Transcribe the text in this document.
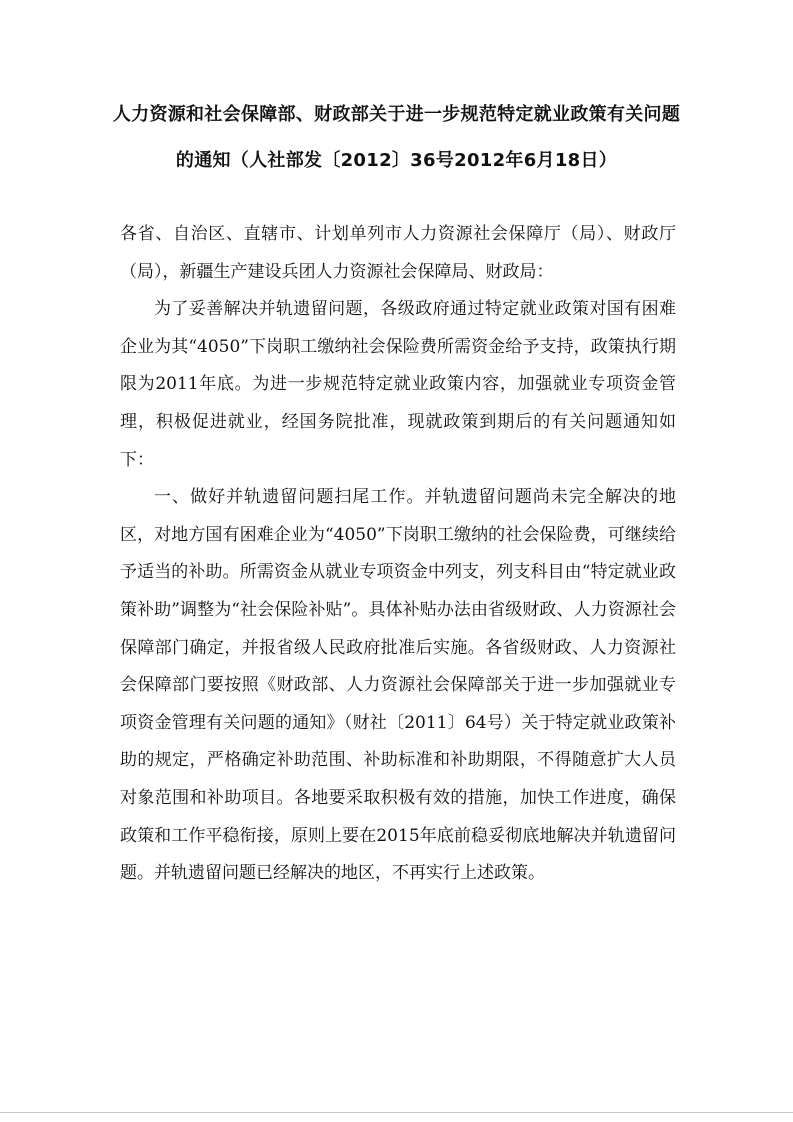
人力资源和社会保障部、财政部关于进一步规范特定就业政策有关问题的通知（人社部发〔2012〕36号2012年6月18日）

各省、自治区、直辖市、计划单列市人力资源社会保障厅（局）、财政厅（局），新疆生产建设兵团人力资源社会保障局、财政局：

为了妥善解决并轨遗留问题，各级政府通过特定就业政策对国有困难企业为其“4050”下岗职工缴纳社会保险费所需资金给予支持，政策执行期限为2011年底。为进一步规范特定就业政策内容，加强就业专项资金管理，积极促进就业，经国务院批准，现就政策到期后的有关问题通知如下：

一、做好并轨遗留问题扫尾工作。并轨遗留问题尚未完全解决的地区，对地方国有困难企业为“4050”下岗职工缴纳的社会保险费，可继续给予适当的补助。所需资金从就业专项资金中列支，列支科目由“特定就业政策补助”调整为“社会保险补贴”。具体补贴办法由省级财政、人力资源社会保障部门确定，并报省级人民政府批准后实施。各省级财政、人力资源社会保障部门要按照《财政部、人力资源社会保障部关于进一步加强就业专项资金管理有关问题的通知》（财社〔2011〕64号）关于特定就业政策补助的规定，严格确定补助范围、补助标准和补助期限，不得随意扩大人员对象范围和补助项目。各地要采取积极有效的措施，加快工作进度，确保政策和工作平稳衔接，原则上要在2015年底前稳妥彻底地解决并轨遗留问题。并轨遗留问题已经解决的地区，不再实行上述政策。
